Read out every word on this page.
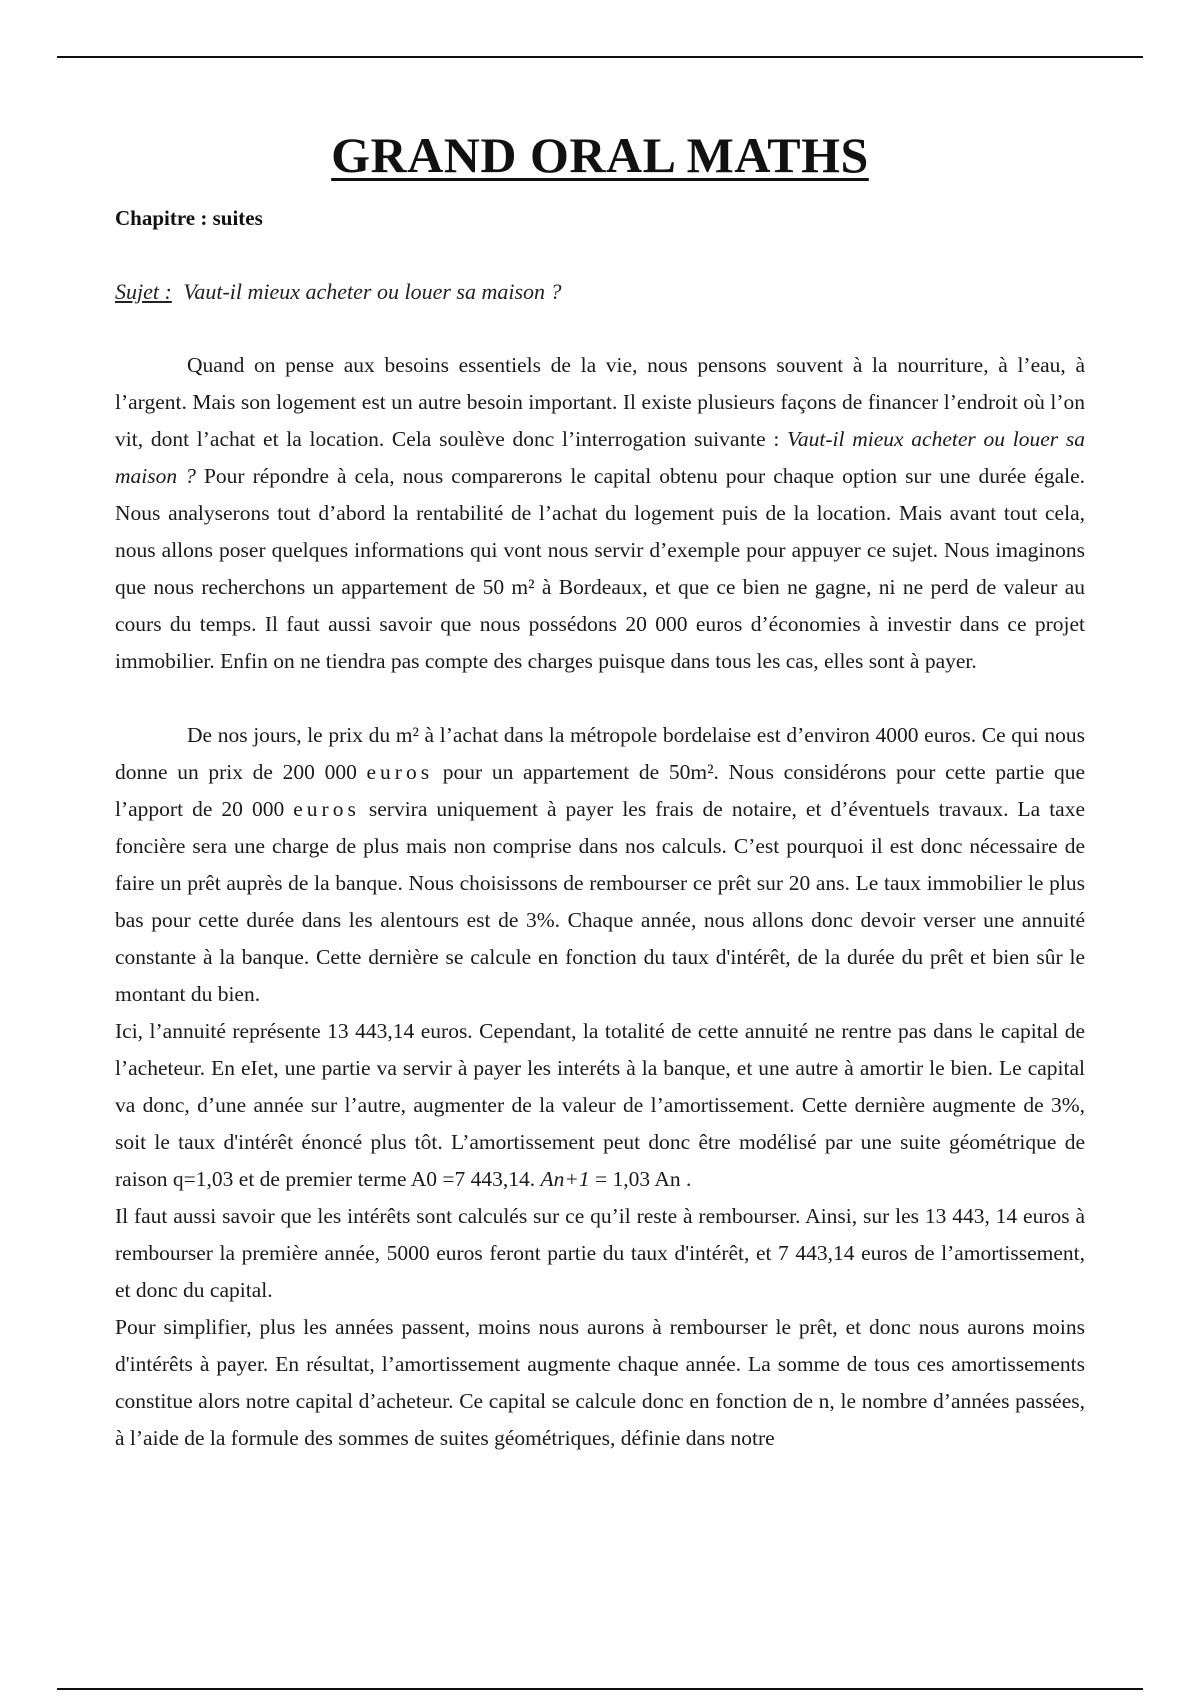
GRAND ORAL MATHS
Chapitre : suites
Sujet : Vaut-il mieux acheter ou louer sa maison ?

Quand on pense aux besoins essentiels de la vie, nous pensons souvent à la nourriture, à l’eau, à l’argent. Mais son logement est un autre besoin important. Il existe plusieurs façons de financer l’endroit où l’on vit, dont l’achat et la location. Cela soulève donc l’interrogation suivante : Vaut-il mieux acheter ou louer sa maison ? Pour répondre à cela, nous comparerons le capital obtenu pour chaque option sur une durée égale. Nous analyserons tout d’abord la rentabilité de l’achat du logement puis de la location. Mais avant tout cela, nous allons poser quelques informations qui vont nous servir d’exemple pour appuyer ce sujet. Nous imaginons que nous recherchons un appartement de 50 m² à Bordeaux, et que ce bien ne gagne, ni ne perd de valeur au cours du temps. Il faut aussi savoir que nous possédons 20 000 euros d’économies à investir dans ce projet immobilier. Enfin on ne tiendra pas compte des charges puisque dans tous les cas, elles sont à payer.

De nos jours, le prix du m² à l’achat dans la métropole bordelaise est d’environ 4000 euros. Ce qui nous donne un prix de 200 000 euros pour un appartement de 50m². Nous considérons pour cette partie que l’apport de 20 000 euros servira uniquement à payer les frais de notaire, et d’éventuels travaux. La taxe foncière sera une charge de plus mais non comprise dans nos calculs. C’est pourquoi il est donc nécessaire de faire un prêt auprès de la banque. Nous choisissons de rembourser ce prêt sur 20 ans. Le taux immobilier le plus bas pour cette durée dans les alentours est de 3%. Chaque année, nous allons donc devoir verser une annuité constante à la banque. Cette dernière se calcule en fonction du taux d'intérêt, de la durée du prêt et bien sûr le montant du bien.

Ici, l’annuité représente 13 443,14 euros. Cependant, la totalité de cette annuité ne rentre pas dans le capital de l’acheteur. En eIet, une partie va servir à payer les interéts à la banque, et une autre à amortir le bien. Le capital va donc, d’une année sur l’autre, augmenter de la valeur de l’amortissement. Cette dernière augmente de 3%, soit le taux d'intérêt énoncé plus tôt. L’amortissement peut donc être modélisé par une suite géométrique de raison q=1,03 et de premier terme A0 =7 443,14. An+1 = 1,03 An .

Il faut aussi savoir que les intérêts sont calculés sur ce qu’il reste à rembourser. Ainsi, sur les 13 443, 14 euros à rembourser la première année, 5000 euros feront partie du taux d'intérêt, et 7 443,14 euros de l’amortissement, et donc du capital.

Pour simplifier, plus les années passent, moins nous aurons à rembourser le prêt, et donc nous aurons moins d'intérêts à payer. En résultat, l’amortissement augmente chaque année. La somme de tous ces amortissements constitue alors notre capital d’acheteur. Ce capital se calcule donc en fonction de n, le nombre d’années passées, à l’aide de la formule des sommes de suites géométriques, définie dans notre
